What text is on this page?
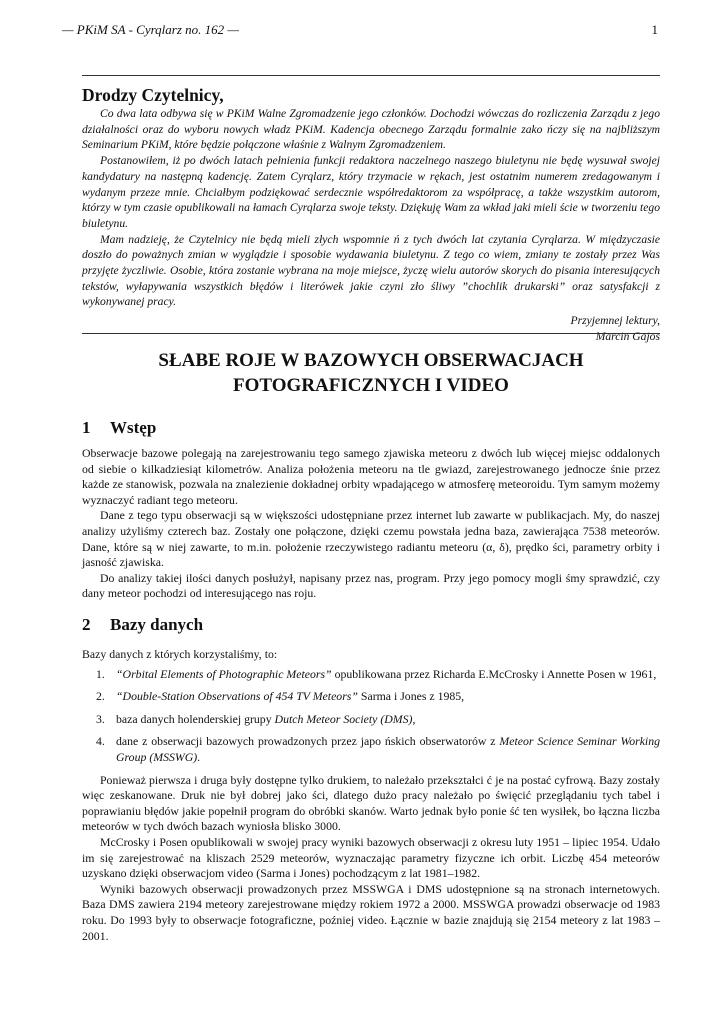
— PKiM SA - Cyrqlarz no. 162 —	1
Drodzy Czytelnicy,

Co dwa lata odbywa się w PKiM Walne Zgromadzenie jego członków. Dochodzi wówczas do rozliczenia Zarządu z jego działalności oraz do wyboru nowych władz PKiM. Kadencja obecnego Zarządu formalnie zako ńczy się na najbliższym Seminarium PKiM, które będzie połączone właśnie z Walnym Zgromadzeniem.

Postanowiłem, iż po dwóch latach pełnienia funkcji redaktora naczelnego naszego biuletynu nie będę wysuwał swojej kandydatury na następną kadencję. Zatem Cyrqlarz, który trzymacie w rękach, jest ostatnim numerem zredagowanym i wydanym przeze mnie. Chciałbym podziękować serdecznie współredaktorom za współpracę, a także wszystkim autorom, którzy w tym czasie opublikowali na łamach Cyrqlarza swoje teksty. Dziękuję Wam za wkład jaki mieli ście w tworzeniu tego biuletynu.

Mam nadzieję, że Czytelnicy nie będą mieli złych wspomnie ń z tych dwóch lat czytania Cyrqlarza. W międzyczasie doszło do poważnych zmian w wyglądzie i sposobie wydawania biuletynu. Z tego co wiem, zmiany te zostały przez Was przyjęte życzliwie. Osobie, która zostanie wybrana na moje miejsce, życzę wielu autorów skorych do pisania interesujących tekstów, wyłapywania wszystkich błędów i literówek jakie czyni zło śliwy ”chochlik drukarski” oraz satysfakcji z wykonywanej pracy.

Przyjemnej lektury,

Marcin Gajos

SŁABE ROJE W BAZOWYCH OBSERWACJACH
FOTOGRAFICZNYCH I VIDEO
1 Wstęp

Obserwacje bazowe polegają na zarejestrowaniu tego samego zjawiska meteoru z dwóch lub więcej miejsc oddalonych od siebie o kilkadziesiąt kilometrów. Analiza położenia meteoru na tle gwiazd, zarejestrowanego jednocze śnie przez każde ze stanowisk, pozwala na znalezienie dokładnej orbity wpadającego w atmosferę meteoroidu. Tym samym możemy wyznaczyć radiant tego meteoru.

Dane z tego typu obserwacji są w większości udostępniane przez internet lub zawarte w publikacjach. My, do naszej analizy użyliśmy czterech baz. Zostały one połączone, dzięki czemu powstała jedna baza, zawierająca 7538 meteorów. Dane, które są w niej zawarte, to m.in. położenie rzeczywistego radiantu meteoru (α, δ), prędko ści, parametry orbity i jasność zjawiska.

Do analizy takiej ilości danych posłużył, napisany przez nas, program. Przy jego pomocy mogli śmy sprawdzić, czy dany meteor pochodzi od interesującego nas roju.

2 Bazy danych

Bazy danych z których korzystaliśmy, to:

1. “Orbital Elements of Photographic Meteors” opublikowana przez Richarda E.McCrosky i Annette Posen w 1961,
2. “Double-Station Observations of 454 TV Meteors” Sarma i Jones z 1985,
3. baza danych holenderskiej grupy Dutch Meteor Society (DMS),
4. dane z obserwacji bazowych prowadzonych przez japo ńskich obserwatorów z Meteor Science Seminar Working Group (MSSWG).

Ponieważ pierwsza i druga były dostępne tylko drukiem, to należało przekształci ć je na postać cyfrową. Bazy zostały więc zeskanowane. Druk nie był dobrej jako ści, dlatego dużo pracy należało po święcić przeglądaniu tych tabel i poprawianiu błędów jakie popełnił program do obróbki skanów. Warto jednak było ponie ść ten wysiłek, bo łączna liczba meteorów w tych dwóch bazach wyniosła blisko 3000.

McCrosky i Posen opublikowali w swojej pracy wyniki bazowych obserwacji z okresu luty 1951 – lipiec 1954. Udało im się zarejestrować na kliszach 2529 meteorów, wyznaczając parametry fizyczne ich orbit. Liczbę 454 meteorów uzyskano dzięki obserwacjom video (Sarma i Jones) pochodzącym z lat 1981–1982.

Wyniki bazowych obserwacji prowadzonych przez MSSWGA i DMS udostępnione są na stronach internetowych. Baza DMS zawiera 2194 meteory zarejestrowane między rokiem 1972 a 2000. MSSWGA prowadzi obserwacje od 1983 roku. Do 1993 były to obserwacje fotograficzne, poźniej video. Łącznie w bazie znajdują się 2154 meteory z lat 1983 – 2001.
